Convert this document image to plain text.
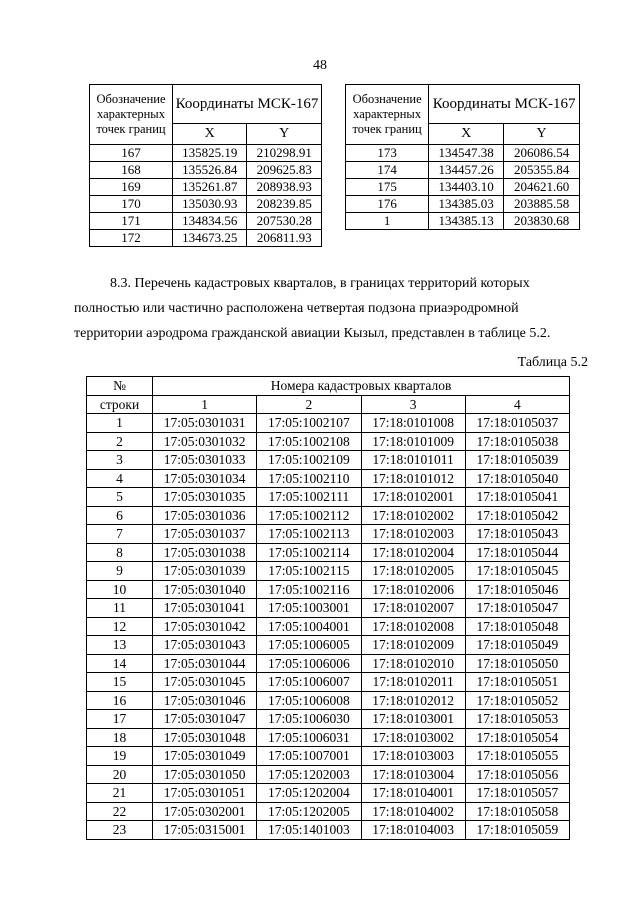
48
Обозначение характерных точек границ	Координаты МСК-167	
	X	Y
167	135825.19	210298.91
168	135526.84	209625.83
169	135261.87	208938.93
170	135030.93	208239.85
171	134834.56	207530.28
172	134673.25	206811.93
Обозначение характерных точек границ	Координаты МСК-167	
	X	Y
173	134547.38	206086.54
174	134457.26	205355.84
175	134403.10	204621.60
176	134385.03	203885.58
1	134385.13	203830.68
8.3. Перечень кадастровых кварталов, в границах территорий которых
полностью или частично расположена четвертая подзона приаэродромной
территории аэродрома гражданской авиации Кызыл, представлен в таблице 5.2.
Таблица 5.2
№	Номера кадастровых кварталов			
строки	1	2	3	4
1	17:05:0301031	17:05:1002107	17:18:0101008	17:18:0105037
2	17:05:0301032	17:05:1002108	17:18:0101009	17:18:0105038
3	17:05:0301033	17:05:1002109	17:18:0101011	17:18:0105039
4	17:05:0301034	17:05:1002110	17:18:0101012	17:18:0105040
5	17:05:0301035	17:05:1002111	17:18:0102001	17:18:0105041
6	17:05:0301036	17:05:1002112	17:18:0102002	17:18:0105042
7	17:05:0301037	17:05:1002113	17:18:0102003	17:18:0105043
8	17:05:0301038	17:05:1002114	17:18:0102004	17:18:0105044
9	17:05:0301039	17:05:1002115	17:18:0102005	17:18:0105045
10	17:05:0301040	17:05:1002116	17:18:0102006	17:18:0105046
11	17:05:0301041	17:05:1003001	17:18:0102007	17:18:0105047
12	17:05:0301042	17:05:1004001	17:18:0102008	17:18:0105048
13	17:05:0301043	17:05:1006005	17:18:0102009	17:18:0105049
14	17:05:0301044	17:05:1006006	17:18:0102010	17:18:0105050
15	17:05:0301045	17:05:1006007	17:18:0102011	17:18:0105051
16	17:05:0301046	17:05:1006008	17:18:0102012	17:18:0105052
17	17:05:0301047	17:05:1006030	17:18:0103001	17:18:0105053
18	17:05:0301048	17:05:1006031	17:18:0103002	17:18:0105054
19	17:05:0301049	17:05:1007001	17:18:0103003	17:18:0105055
20	17:05:0301050	17:05:1202003	17:18:0103004	17:18:0105056
21	17:05:0301051	17:05:1202004	17:18:0104001	17:18:0105057
22	17:05:0302001	17:05:1202005	17:18:0104002	17:18:0105058
23	17:05:0315001	17:05:1401003	17:18:0104003	17:18:0105059
